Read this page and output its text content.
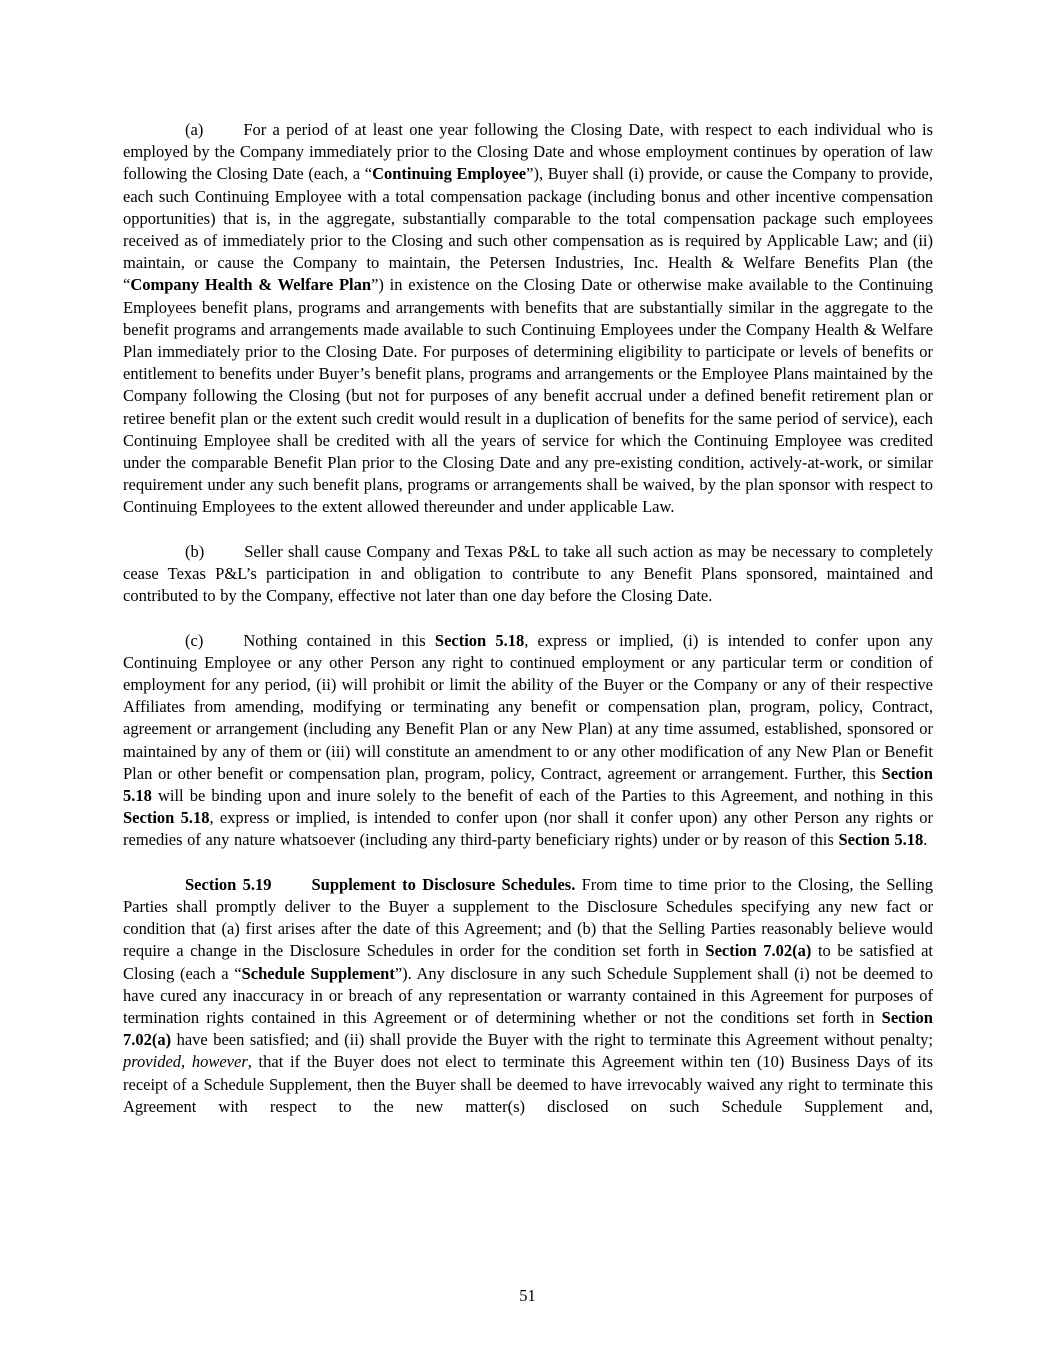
(a) For a period of at least one year following the Closing Date, with respect to each individual who is employed by the Company immediately prior to the Closing Date and whose employment continues by operation of law following the Closing Date (each, a “Continuing Employee”), Buyer shall (i) provide, or cause the Company to provide, each such Continuing Employee with a total compensation package (including bonus and other incentive compensation opportunities) that is, in the aggregate, substantially comparable to the total compensation package such employees received as of immediately prior to the Closing and such other compensation as is required by Applicable Law; and (ii) maintain, or cause the Company to maintain, the Petersen Industries, Inc. Health & Welfare Benefits Plan (the “Company Health & Welfare Plan”) in existence on the Closing Date or otherwise make available to the Continuing Employees benefit plans, programs and arrangements with benefits that are substantially similar in the aggregate to the benefit programs and arrangements made available to such Continuing Employees under the Company Health & Welfare Plan immediately prior to the Closing Date. For purposes of determining eligibility to participate or levels of benefits or entitlement to benefits under Buyer’s benefit plans, programs and arrangements or the Employee Plans maintained by the Company following the Closing (but not for purposes of any benefit accrual under a defined benefit retirement plan or retiree benefit plan or the extent such credit would result in a duplication of benefits for the same period of service), each Continuing Employee shall be credited with all the years of service for which the Continuing Employee was credited under the comparable Benefit Plan prior to the Closing Date and any pre-existing condition, actively-at-work, or similar requirement under any such benefit plans, programs or arrangements shall be waived, by the plan sponsor with respect to Continuing Employees to the extent allowed thereunder and under applicable Law.

(b) Seller shall cause Company and Texas P&L to take all such action as may be necessary to completely cease Texas P&L’s participation in and obligation to contribute to any Benefit Plans sponsored, maintained and contributed to by the Company, effective not later than one day before the Closing Date.

(c) Nothing contained in this Section 5.18, express or implied, (i) is intended to confer upon any Continuing Employee or any other Person any right to continued employment or any particular term or condition of employment for any period, (ii) will prohibit or limit the ability of the Buyer or the Company or any of their respective Affiliates from amending, modifying or terminating any benefit or compensation plan, program, policy, Contract, agreement or arrangement (including any Benefit Plan or any New Plan) at any time assumed, established, sponsored or maintained by any of them or (iii) will constitute an amendment to or any other modification of any New Plan or Benefit Plan or other benefit or compensation plan, program, policy, Contract, agreement or arrangement. Further, this Section 5.18 will be binding upon and inure solely to the benefit of each of the Parties to this Agreement, and nothing in this Section 5.18, express or implied, is intended to confer upon (nor shall it confer upon) any other Person any rights or remedies of any nature whatsoever (including any third-party beneficiary rights) under or by reason of this Section 5.18.

Section 5.19 Supplement to Disclosure Schedules. From time to time prior to the Closing, the Selling Parties shall promptly deliver to the Buyer a supplement to the Disclosure Schedules specifying any new fact or condition that (a) first arises after the date of this Agreement; and (b) that the Selling Parties reasonably believe would require a change in the Disclosure Schedules in order for the condition set forth in Section 7.02(a) to be satisfied at Closing (each a “Schedule Supplement”). Any disclosure in any such Schedule Supplement shall (i) not be deemed to have cured any inaccuracy in or breach of any representation or warranty contained in this Agreement for purposes of termination rights contained in this Agreement or of determining whether or not the conditions set forth in Section 7.02(a) have been satisfied; and (ii) shall provide the Buyer with the right to terminate this Agreement without penalty; provided, however, that if the Buyer does not elect to terminate this Agreement within ten (10) Business Days of its receipt of a Schedule Supplement, then the Buyer shall be deemed to have irrevocably waived any right to terminate this Agreement with respect to the new matter(s) disclosed on such Schedule Supplement and,

51
